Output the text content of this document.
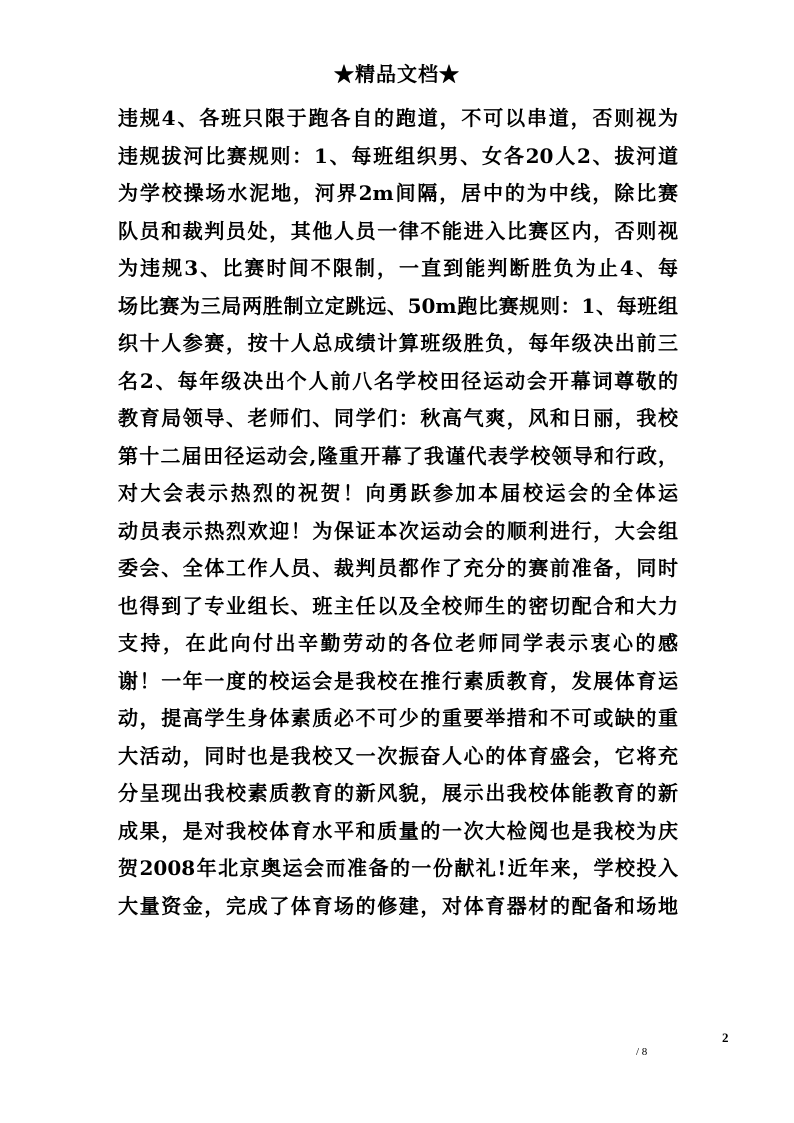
★精品文档★
违规4、各班只限于跑各自的跑道，不可以串道，否则视为
违规拔河比赛规则：1、每班组织男、女各20人2、拔河道
为学校操场水泥地，河界2m间隔，居中的为中线，除比赛
队员和裁判员处，其他人员一律不能进入比赛区内，否则视
为违规3、比赛时间不限制，一直到能判断胜负为止4、每
场比赛为三局两胜制立定跳远、50m跑比赛规则：1、每班组
织十人参赛，按十人总成绩计算班级胜负，每年级决出前三
名2、每年级决出个人前八名学校田径运动会开幕词尊敬的
教育局领导、老师们、同学们：秋高气爽，风和日丽，我校
第十二届田径运动会,隆重开幕了我谨代表学校领导和行政，
对大会表示热烈的祝贺！向勇跃参加本届校运会的全体运
动员表示热烈欢迎！为保证本次运动会的顺利进行，大会组
委会、全体工作人员、裁判员都作了充分的赛前准备，同时
也得到了专业组长、班主任以及全校师生的密切配合和大力
支持，在此向付出辛勤劳动的各位老师同学表示衷心的感
谢！一年一度的校运会是我校在推行素质教育，发展体育运
动，提高学生身体素质必不可少的重要举措和不可或缺的重
大活动，同时也是我校又一次振奋人心的体育盛会，它将充
分呈现出我校素质教育的新风貌，展示出我校体能教育的新
成果，是对我校体育水平和质量的一次大检阅也是我校为庆
贺2008年北京奥运会而准备的一份献礼!近年来，学校投入
大量资金，完成了体育场的修建，对体育器材的配备和场地
2
/ 8
